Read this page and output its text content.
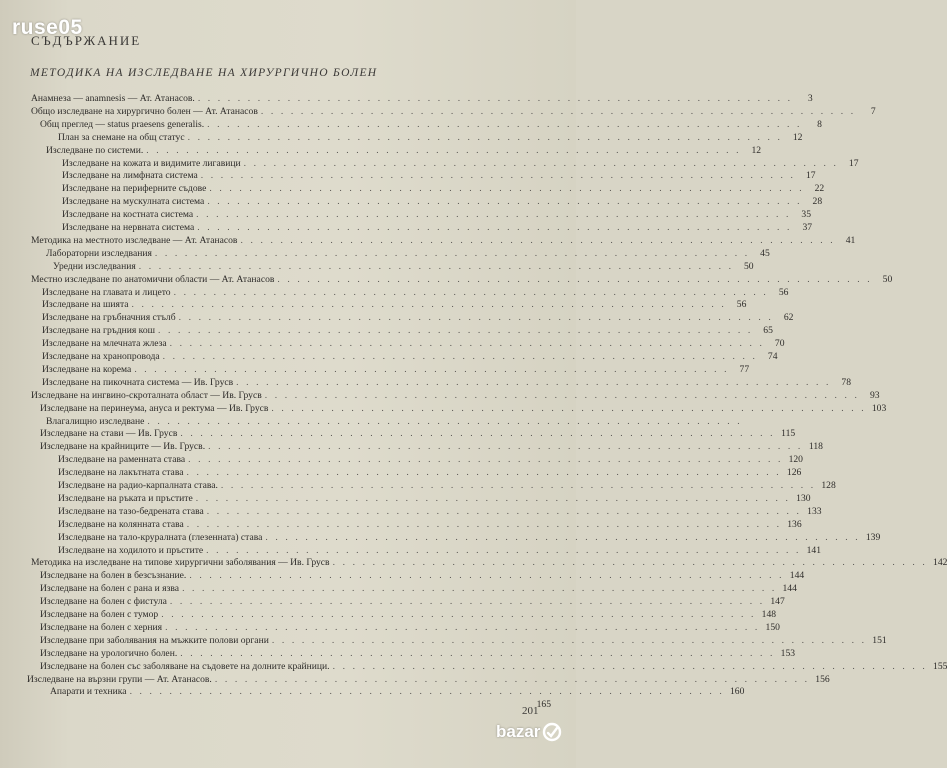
ruse05
СЪДЪРЖАНИЕ
МЕТОДИКА НА ИЗСЛЕДВАНЕ НА ХИРУРГИЧНО БОЛЕН
Анамнеза — anamnesis — Ат. Атанасов. . . . . . . . . . . . . . . . . . . . . . . . . . . . . . . . . . . . . . . . . . . . . . . . . . . . . . . . . . . . .	3
Общо изследване на хирургично болен — Ат. Атанасов . . . . . . . . . . . . . . . . . . . . . . . . . . . . . . . . . . . . . . . . . . . . . . . . . . . . . . . . . . . .	7
Общ преглед — status praesens generalis. . . . . . . . . . . . . . . . . . . . . . . . . . . . . . . . . . . . . . . . . . . . . . . . . . . . . . . . . . . . .	8
План за снемане на общ статус . . . . . . . . . . . . . . . . . . . . . . . . . . . . . . . . . . . . . . . . . . . . . . . . . . . . . . . . . . . .	12
Изследване по системи. . . . . . . . . . . . . . . . . . . . . . . . . . . . . . . . . . . . . . . . . . . . . . . . . . . . . . . . . . . . .	12
Изследване на кожата и видимите лигавици . . . . . . . . . . . . . . . . . . . . . . . . . . . . . . . . . . . . . . . . . . . . . . . . . . . . . . . . . . . .	17
Изследване на лимфната система . . . . . . . . . . . . . . . . . . . . . . . . . . . . . . . . . . . . . . . . . . . . . . . . . . . . . . . . . . . .	17
Изследване на периферните съдове . . . . . . . . . . . . . . . . . . . . . . . . . . . . . . . . . . . . . . . . . . . . . . . . . . . . . . . . . . . .	22
Изследване на мускулната система . . . . . . . . . . . . . . . . . . . . . . . . . . . . . . . . . . . . . . . . . . . . . . . . . . . . . . . . . . . .	28
Изследване на костната система . . . . . . . . . . . . . . . . . . . . . . . . . . . . . . . . . . . . . . . . . . . . . . . . . . . . . . . . . . . .	35
Изследване на нервната система . . . . . . . . . . . . . . . . . . . . . . . . . . . . . . . . . . . . . . . . . . . . . . . . . . . . . . . . . . . .	37
Методика на местното изследване — Ат. Атанасов . . . . . . . . . . . . . . . . . . . . . . . . . . . . . . . . . . . . . . . . . . . . . . . . . . . . . . . . . . . .	41
Лабораторни изследвания . . . . . . . . . . . . . . . . . . . . . . . . . . . . . . . . . . . . . . . . . . . . . . . . . . . . . . . . . . . .	45
Уредни изследвания . . . . . . . . . . . . . . . . . . . . . . . . . . . . . . . . . . . . . . . . . . . . . . . . . . . . . . . . . . . .	50
Местно изследване по анатомични области — Ат. Атанасов . . . . . . . . . . . . . . . . . . . . . . . . . . . . . . . . . . . . . . . . . . . . . . . . . . . . . . . . . . . .	50
Изследване на главата и лицето . . . . . . . . . . . . . . . . . . . . . . . . . . . . . . . . . . . . . . . . . . . . . . . . . . . . . . . . . . . .	56
Изследване на шията . . . . . . . . . . . . . . . . . . . . . . . . . . . . . . . . . . . . . . . . . . . . . . . . . . . . . . . . . . . .	56
Изследване на гръбначния стълб . . . . . . . . . . . . . . . . . . . . . . . . . . . . . . . . . . . . . . . . . . . . . . . . . . . . . . . . . . . .	62
Изследване на гръдния кош . . . . . . . . . . . . . . . . . . . . . . . . . . . . . . . . . . . . . . . . . . . . . . . . . . . . . . . . . . . .	65
Изследване на млечната жлеза . . . . . . . . . . . . . . . . . . . . . . . . . . . . . . . . . . . . . . . . . . . . . . . . . . . . . . . . . . . .	70
Изследване на хранопровода . . . . . . . . . . . . . . . . . . . . . . . . . . . . . . . . . . . . . . . . . . . . . . . . . . . . . . . . . . . .	74
Изследване на корема . . . . . . . . . . . . . . . . . . . . . . . . . . . . . . . . . . . . . . . . . . . . . . . . . . . . . . . . . . . .	77
Изследване на пикочната система — Ив. Грусв . . . . . . . . . . . . . . . . . . . . . . . . . . . . . . . . . . . . . . . . . . . . . . . . . . . . . . . . . . . .	78
Изследване на ингвино-скроталната област — Ив. Грусв . . . . . . . . . . . . . . . . . . . . . . . . . . . . . . . . . . . . . . . . . . . . . . . . . . . . . . . . . . . .	93
Изследване на перинеума, ануса и ректума — Ив. Грусв . . . . . . . . . . . . . . . . . . . . . . . . . . . . . . . . . . . . . . . . . . . . . . . . . . . . . . . . . . . . 103
Влагалищно изследване . . . . . . . . . . . . . . . . . . . . . . . . . . . . . . . . . . . . . . . . . . . . . . . . . . . . . . . . . . . .
Изследване на стави — Ив. Грусв . . . . . . . . . . . . . . . . . . . . . . . . . . . . . . . . . . . . . . . . . . . . . . . . . . . . . . . . . . . . 115
Изследване на крайниците — Ив. Грусв. . . . . . . . . . . . . . . . . . . . . . . . . . . . . . . . . . . . . . . . . . . . . . . . . . . . . . . . . . . . . 118
Изследване на раменната става . . . . . . . . . . . . . . . . . . . . . . . . . . . . . . . . . . . . . . . . . . . . . . . . . . . . . . . . . . . . 120
Изследване на лакътната става . . . . . . . . . . . . . . . . . . . . . . . . . . . . . . . . . . . . . . . . . . . . . . . . . . . . . . . . . . . . 126
Изследване на радио-карпалната става. . . . . . . . . . . . . . . . . . . . . . . . . . . . . . . . . . . . . . . . . . . . . . . . . . . . . . . . . . . . . 128
Изследване на ръката и пръстите . . . . . . . . . . . . . . . . . . . . . . . . . . . . . . . . . . . . . . . . . . . . . . . . . . . . . . . . . . . . 130
Изследване на тазо-бедрената става . . . . . . . . . . . . . . . . . . . . . . . . . . . . . . . . . . . . . . . . . . . . . . . . . . . . . . . . . . . . 133
Изследване на колянната става . . . . . . . . . . . . . . . . . . . . . . . . . . . . . . . . . . . . . . . . . . . . . . . . . . . . . . . . . . . . 136
Изследване на тало-круралната (глезенната) става . . . . . . . . . . . . . . . . . . . . . . . . . . . . . . . . . . . . . . . . . . . . . . . . . . . . . . . . . . . . 139
Изследване на ходилото и пръстите . . . . . . . . . . . . . . . . . . . . . . . . . . . . . . . . . . . . . . . . . . . . . . . . . . . . . . . . . . . . 141
Методика на изследване на типове хирургични заболявания — Ив. Грусв . . . . . . . . . . . . . . . . . . . . . . . . . . . . . . . . . . . . . . . . . . . . . . . . . . . . . . . . . . . . 142
Изследване на болен в безсъзнание. . . . . . . . . . . . . . . . . . . . . . . . . . . . . . . . . . . . . . . . . . . . . . . . . . . . . . . . . . . . . 144
Изследване на болен с рана и язва . . . . . . . . . . . . . . . . . . . . . . . . . . . . . . . . . . . . . . . . . . . . . . . . . . . . . . . . . . . . 144
Изследване на болен с фистула . . . . . . . . . . . . . . . . . . . . . . . . . . . . . . . . . . . . . . . . . . . . . . . . . . . . . . . . . . . . 147
Изследване на болен с тумор . . . . . . . . . . . . . . . . . . . . . . . . . . . . . . . . . . . . . . . . . . . . . . . . . . . . . . . . . . . . 148
Изследване на болен с херния . . . . . . . . . . . . . . . . . . . . . . . . . . . . . . . . . . . . . . . . . . . . . . . . . . . . . . . . . . . . 150
Изследване при заболявания на мъжките полови органи . . . . . . . . . . . . . . . . . . . . . . . . . . . . . . . . . . . . . . . . . . . . . . . . . . . . . . . . . . . . 151
Изследване на урологично болен. . . . . . . . . . . . . . . . . . . . . . . . . . . . . . . . . . . . . . . . . . . . . . . . . . . . . . . . . . . . . 153
Изследване на болен със заболяване на съдовете на долните крайници. . . . . . . . . . . . . . . . . . . . . . . . . . . . . . . . . . . . . . . . . . . . . . . . . . . . . . . . . . . . . 155
Изследване на вързни групи — Ат. Атанасов. . . . . . . . . . . . . . . . . . . . . . . . . . . . . . . . . . . . . . . . . . . . . . . . . . . . . . . . . . . . . 156
Апарати и техника . . . . . . . . . . . . . . . . . . . . . . . . . . . . . . . . . . . . . . . . . . . . . . . . . . . . . . . . . . . . 160
165
201
bazar
